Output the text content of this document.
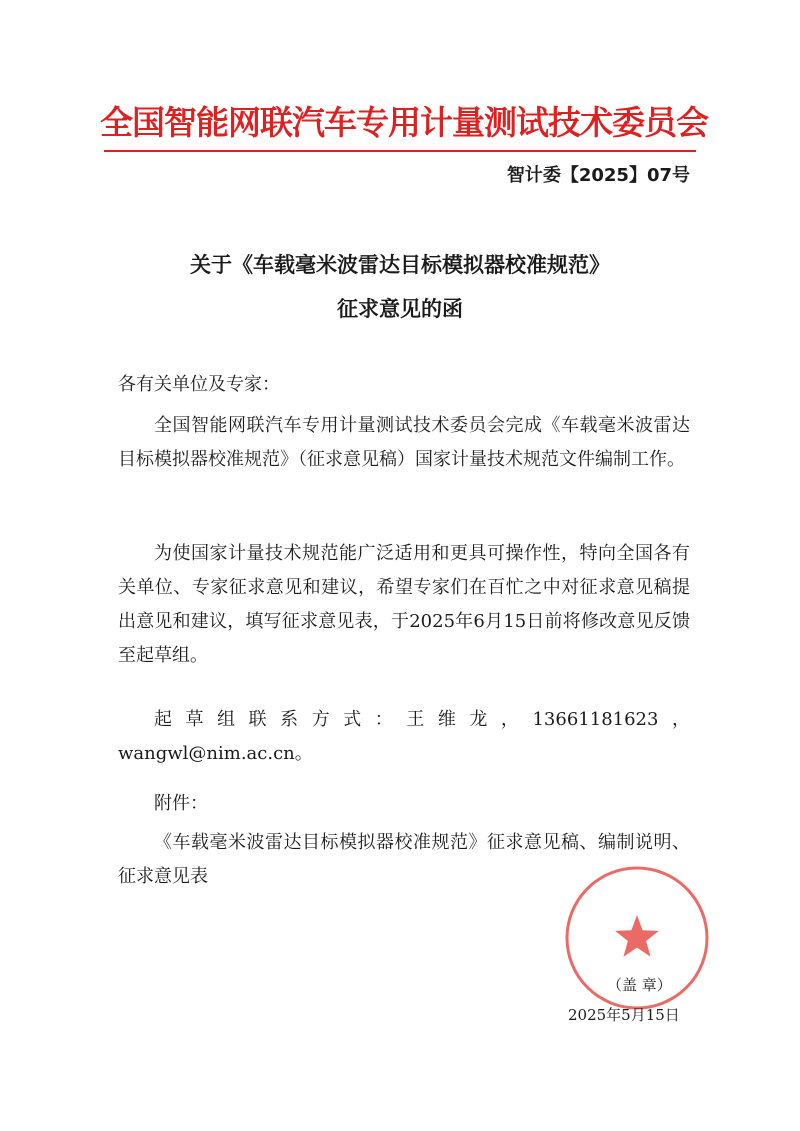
全国智能网联汽车专用计量测试技术委员会
智计委【2025】07号
关于《车载毫米波雷达目标模拟器校准规范》
征求意见的函
各有关单位及专家：

全国智能网联汽车专用计量测试技术委员会完成《车载毫米波雷达目标模拟器校准规范》（征求意见稿）国家计量技术规范文件编制工作。

为使国家计量技术规范能广泛适用和更具可操作性，特向全国各有关单位、专家征求意见和建议，希望专家们在百忙之中对征求意见稿提出意见和建议，填写征求意见表，于2025年6月15日前将修改意见反馈至起草组。

起草组联系方式：王维龙，13661181623，wangwl@nim.ac.cn。

附件：

《车载毫米波雷达目标模拟器校准规范》征求意见稿、编制说明、征求意见表

（盖 章）
2025年5月15日
